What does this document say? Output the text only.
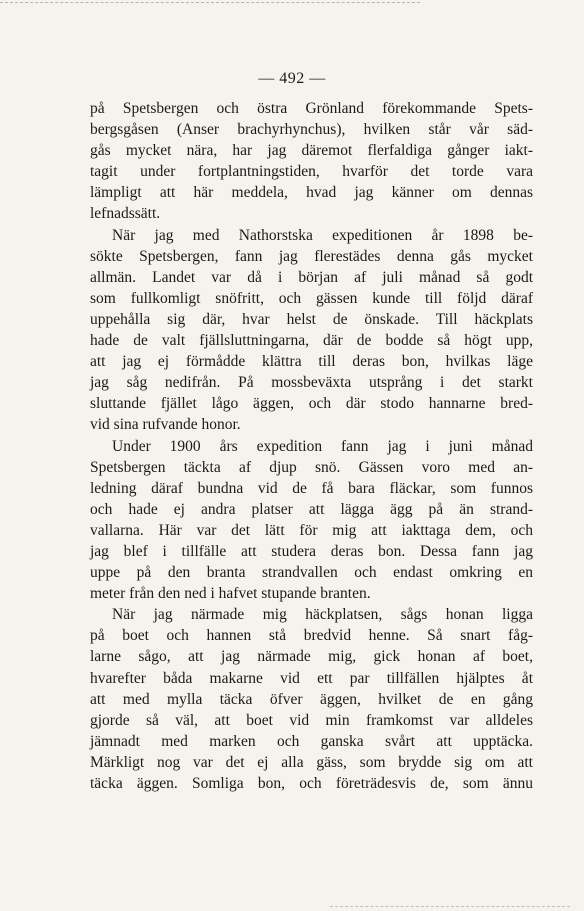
— 492 —
på Spetsbergen och östra Grönland förekommande Spets-
bergsgåsen (Anser brachyrhynchus), hvilken står vår säd-
gås mycket nära, har jag däremot flerfaldiga gånger iakt-
tagit under fortplantningstiden, hvarför det torde vara
lämpligt att här meddela, hvad jag känner om dennas
lefnadssätt.
När jag med Nathorstska expeditionen år 1898 be-
sökte Spetsbergen, fann jag flerestädes denna gås mycket
allmän. Landet var då i början af juli månad så godt
som fullkomligt snöfritt, och gässen kunde till följd däraf
uppehålla sig där, hvar helst de önskade. Till häckplats
hade de valt fjällsluttningarna, där de bodde så högt upp,
att jag ej förmådde klättra till deras bon, hvilkas läge
jag såg nedifrån. På mossbeväxta utsprång i det starkt
sluttande fjället lågo äggen, och där stodo hannarne bred-
vid sina rufvande honor.
Under 1900 års expedition fann jag i juni månad
Spetsbergen täckta af djup snö. Gässen voro med an-
ledning däraf bundna vid de få bara fläckar, som funnos
och hade ej andra platser att lägga ägg på än strand-
vallarna. Här var det lätt för mig att iakttaga dem, och
jag blef i tillfälle att studera deras bon. Dessa fann jag
uppe på den branta strandvallen och endast omkring en
meter från den ned i hafvet stupande branten.
När jag närmade mig häckplatsen, sågs honan ligga
på boet och hannen stå bredvid henne. Så snart fåg-
larne sågo, att jag närmade mig, gick honan af boet,
hvarefter båda makarne vid ett par tillfällen hjälptes åt
att med mylla täcka öfver äggen, hvilket de en gång
gjorde så väl, att boet vid min framkomst var alldeles
jämnadt med marken och ganska svårt att upptäcka.
Märkligt nog var det ej alla gäss, som brydde sig om att
täcka äggen. Somliga bon, och företrädesvis de, som ännu
